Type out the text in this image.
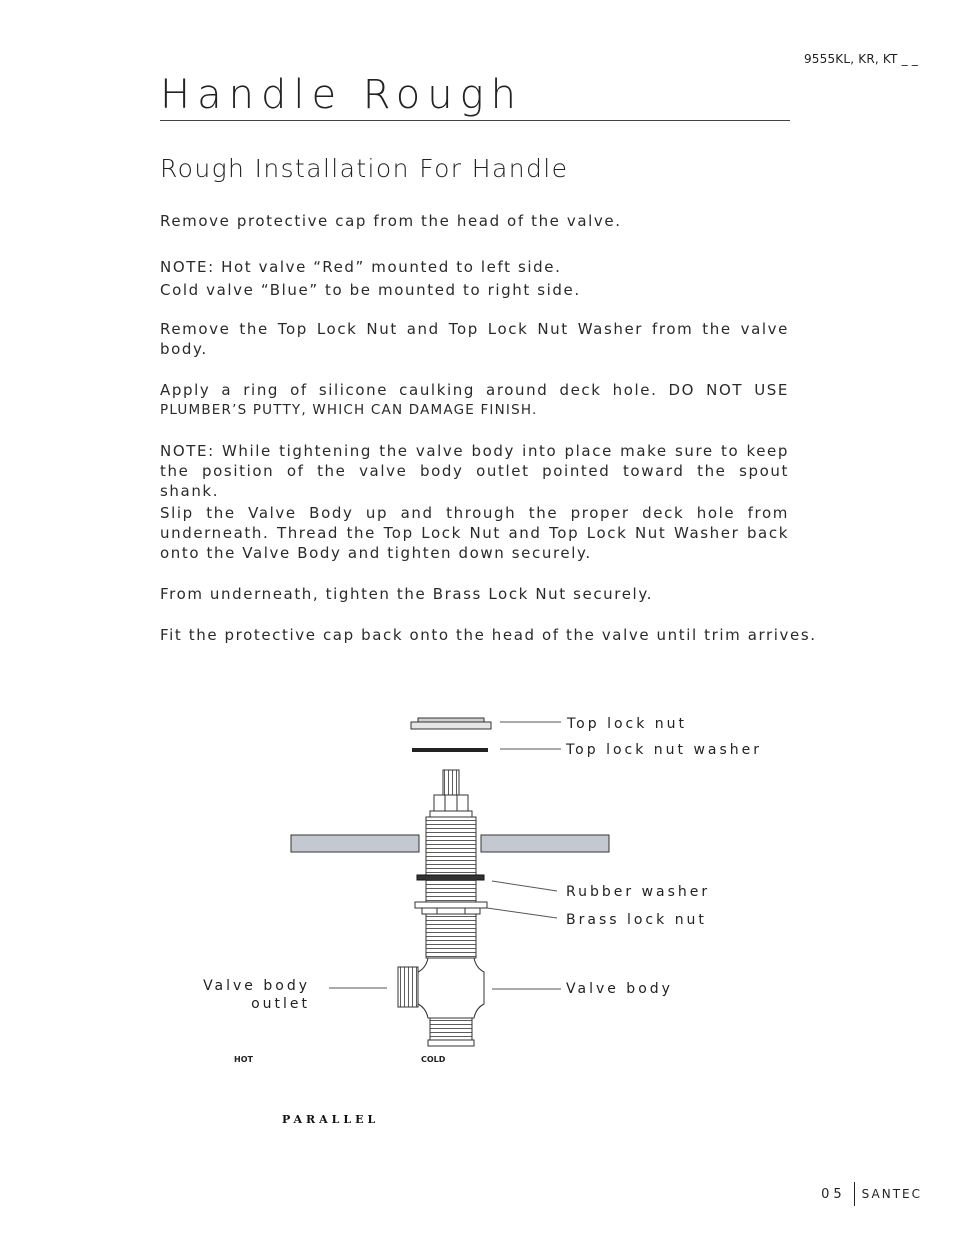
9555KL, KR, KT _ _
Handle Rough
Rough Installation For Handle

Remove protective cap from the head of the valve.

NOTE: Hot valve “Red” mounted to left side.
Cold valve “Blue” to be mounted to right side.

Remove the Top Lock Nut and Top Lock Nut Washer from the valve body.

Apply a ring of silicone caulking around deck hole. DO NOT USE
PLUMBER’S PUTTY, WHICH CAN DAMAGE FINISH.

NOTE: While tightening the valve body into place make sure to keep the position of the valve body outlet pointed toward the spout shank.

Slip the Valve Body up and through the proper deck hole from underneath. Thread the Top Lock Nut and Top Lock Nut Washer back onto the Valve Body and tighten down securely.

From underneath, tighten the Brass Lock Nut securely.

Fit the protective cap back onto the head of the valve until trim arrives.

Top lock nut
Top lock nut washer
Rubber washer
Brass lock nut
Valve body
Valve body
outlet
HOT	COLD
PARALLEL
05	SANTEC
